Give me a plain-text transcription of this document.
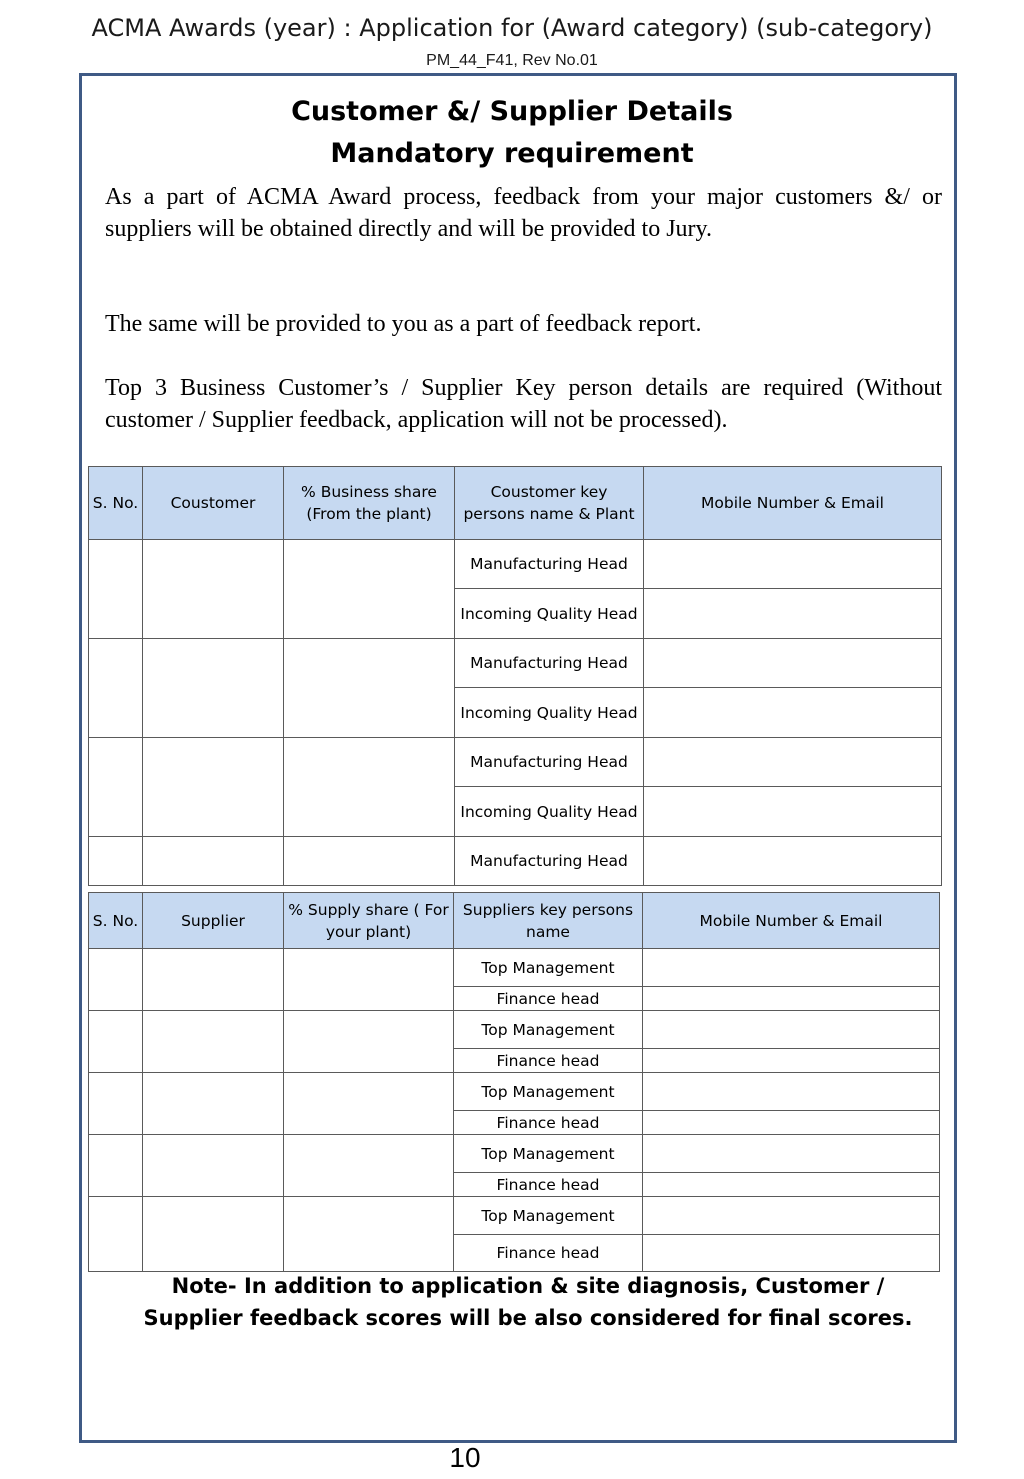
ACMA Awards (year) : Application for (Award category) (sub-category)
PM_44_F41, Rev No.01
Customer &/ Supplier Details
Mandatory requirement
As a part of ACMA Award process, feedback from your major customers &/ or suppliers will be obtained directly and will be provided to Jury.
The same will be provided to you as a part of feedback report.
Top 3 Business Customer’s / Supplier Key person details are required (Without customer / Supplier feedback, application will not be processed).
S. No.	Coustomer	% Business share (From the plant)	Coustomer key persons name & Plant	Mobile Number & Email
			Manufacturing Head	
			Incoming Quality Head	
			Manufacturing Head	
			Incoming Quality Head	
			Manufacturing Head	
			Incoming Quality Head	
			Manufacturing Head	
S. No.	Supplier	% Supply share ( For your plant)	Suppliers key persons name	Mobile Number & Email
			Top Management	
			Finance head	
			Top Management	
			Finance head	
			Top Management	
			Finance head	
			Top Management	
			Finance head	
			Top Management	
			Finance head	
Note- In addition to application & site diagnosis, Customer /
Supplier feedback scores will be also considered for final scores.
10
